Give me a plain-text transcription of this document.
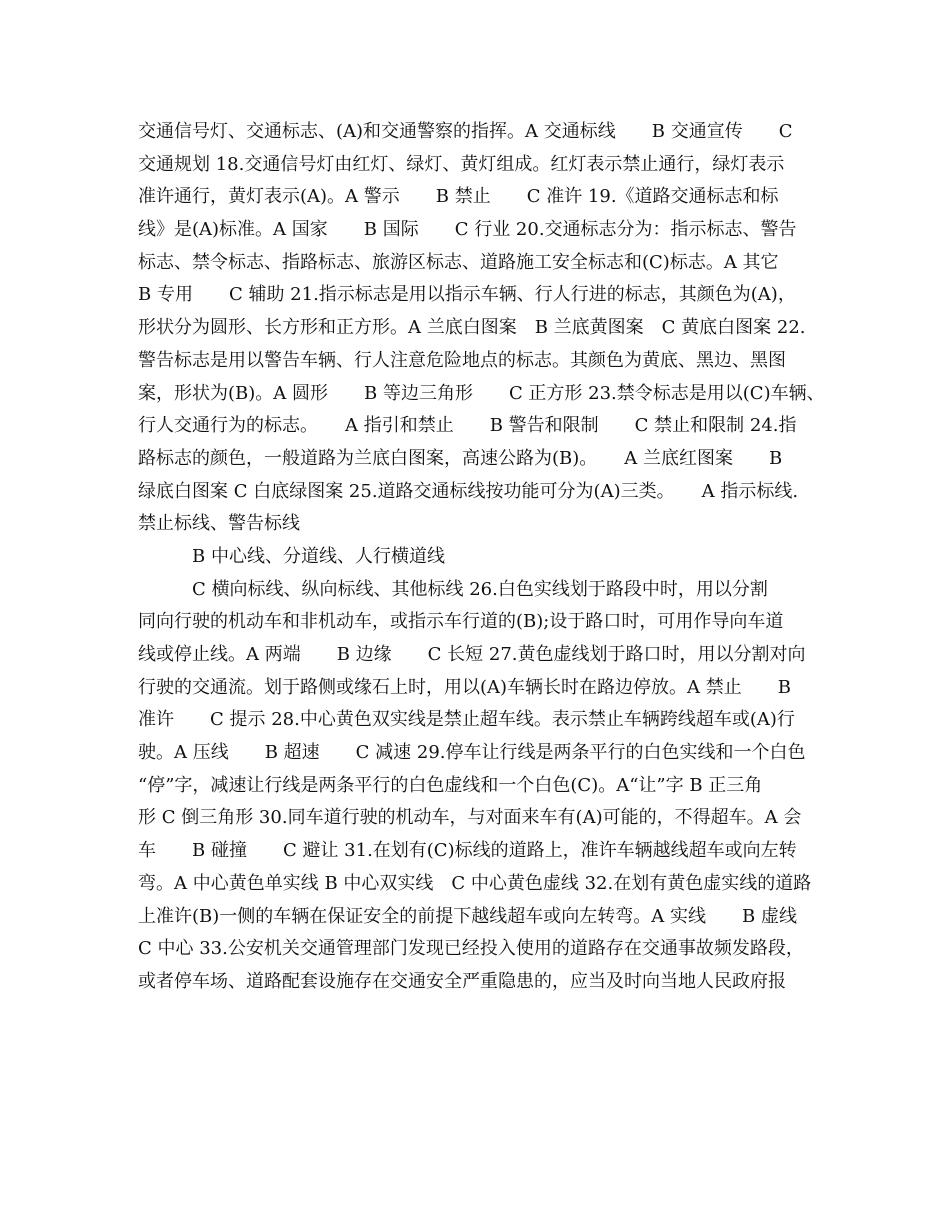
交通信号灯、交通标志、(A)和交通警察的指挥。A 交通标线　　B 交通宣传　　C
交通规划 18.交通信号灯由红灯、绿灯、黄灯组成。红灯表示禁止通行，绿灯表示
准许通行，黄灯表示(A)。A 警示　　B 禁止　　C 准许 19.《道路交通标志和标
线》是(A)标准。A 国家　　B 国际　　C 行业 20.交通标志分为：指示标志、警告
标志、禁令标志、指路标志、旅游区标志、道路施工安全标志和(C)标志。A 其它
B 专用　　C 辅助 21.指示标志是用以指示车辆、行人行进的标志，其颜色为(A)，
形状分为圆形、长方形和正方形。A 兰底白图案　B 兰底黄图案　C 黄底白图案 22.
警告标志是用以警告车辆、行人注意危险地点的标志。其颜色为黄底、黑边、黑图
案，形状为(B)。A 圆形　　B 等边三角形　　C 正方形 23.禁令标志是用以(C)车辆、
行人交通行为的标志。　　A 指引和禁止　　B 警告和限制　　C 禁止和限制 24.指
路标志的颜色，一般道路为兰底白图案，高速公路为(B)。　　A 兰底红图案　　B
绿底白图案 C 白底绿图案 25.道路交通标线按功能可分为(A)三类。　　A 指示标线.
禁止标线、警告标线
　　　B 中心线、分道线、人行横道线
　　　C 横向标线、纵向标线、其他标线 26.白色实线划于路段中时，用以分割
同向行驶的机动车和非机动车，或指示车行道的(B);设于路口时，可用作导向车道
线或停止线。A 两端　　B 边缘　　C 长短 27.黄色虚线划于路口时，用以分割对向
行驶的交通流。划于路侧或缘石上时，用以(A)车辆长时在路边停放。A 禁止　　B
准许　　C 提示 28.中心黄色双实线是禁止超车线。表示禁止车辆跨线超车或(A)行
驶。A 压线　　B 超速　　C 减速 29.停车让行线是两条平行的白色实线和一个白色
“停”字，减速让行线是两条平行的白色虚线和一个白色(C)。A“让”字 B 正三角
形 C 倒三角形 30.同车道行驶的机动车，与对面来车有(A)可能的，不得超车。A 会
车　　B 碰撞　　C 避让 31.在划有(C)标线的道路上，准许车辆越线超车或向左转
弯。A 中心黄色单实线 B 中心双实线　C 中心黄色虚线 32.在划有黄色虚实线的道路
上准许(B)一侧的车辆在保证安全的前提下越线超车或向左转弯。A 实线　　B 虚线
C 中心 33.公安机关交通管理部门发现已经投入使用的道路存在交通事故频发路段，
或者停车场、道路配套设施存在交通安全严重隐患的，应当及时向当地人民政府报
